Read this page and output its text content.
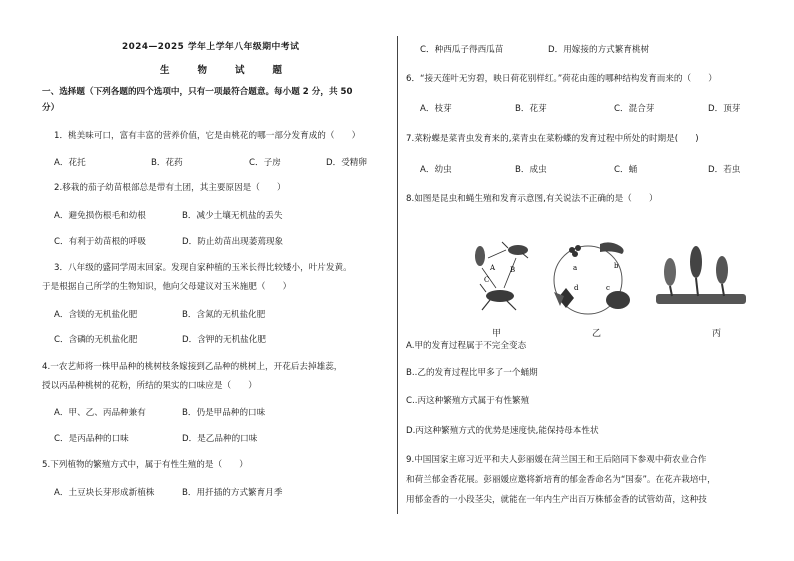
2024—2025 学年上学年八年级期中考试
生　　物　　试　　题
一、选择题（下列各题的四个选项中，只有一项最符合题意。每小题 2 分，共 50
分）
1．桃美味可口，富有丰富的营养价值，它是由桃花的哪一部分发育成的（　　）
A．花托	B．花药	C．子房	D．受精卵
2.移栽的茄子幼苗根部总是带有土团，其主要原因是（　　）
A．避免损伤根毛和幼根	B．减少土壤无机盐的丢失
C．有利于幼苗根的呼吸	D．防止幼苗出现萎蔫现象
3．八年级的盛同学周末回家。发现自家种植的玉米长得比较矮小，叶片发黄。
于是根据自己所学的生物知识，他向父母建议对玉米施肥（　　）
A．含镁的无机盐化肥	B．含氮的无机盐化肥
C．含磷的无机盐化肥	D．含钾的无机盐化肥
4.一农艺师将一株甲品种的桃树枝条嫁接到乙品种的桃树上，开花后去掉雄蕊，
授以丙品种桃树的花粉，所结的果实的口味应是（　　）
A．甲、乙、丙品种兼有	B．仍是甲品种的口味
C．是丙品种的口味	D．是乙品种的口味
5.下列植物的繁殖方式中，属于有性生殖的是（　　）
A．土豆块长芽形成新植株	B．用扦插的方式繁育月季
C．种西瓜子得西瓜苗	D．用嫁接的方式繁育桃树
6．“接天莲叶无穷碧，映日荷花别样红。”荷花由莲的哪种结构发育而来的（　　）
A．枝芽	B．花芽	C．混合芽	D．顶芽
7.菜粉蝶是菜青虫发育来的,菜青虫在菜粉蝶的发育过程中所处的时期是(　　)
A．幼虫	B．成虫	C．蛹	D．若虫
8.如图是昆虫和蝇生殖和发育示意图,有关说法不正确的是（　　）
A B
C
a	b
c
d
甲	乙	丙
A.甲的发育过程属于不完全变态
B..乙的发育过程比甲多了一个蛹期
C..丙这种繁殖方式属于有性繁殖
D.丙这种繁殖方式的优势是速度快,能保持母本性状
9.中国国家主席习近平和夫人彭丽媛在菏兰国王和王后陪同下参观中荷农业合作
和荷兰郁金香花展。彭丽媛应邀将新培育的郁金香命名为“国泰”。在花卉栽培中，
用郁金香的一小段茎尖，就能在一年内生产出百万株郁金香的试管幼苗，这种技
